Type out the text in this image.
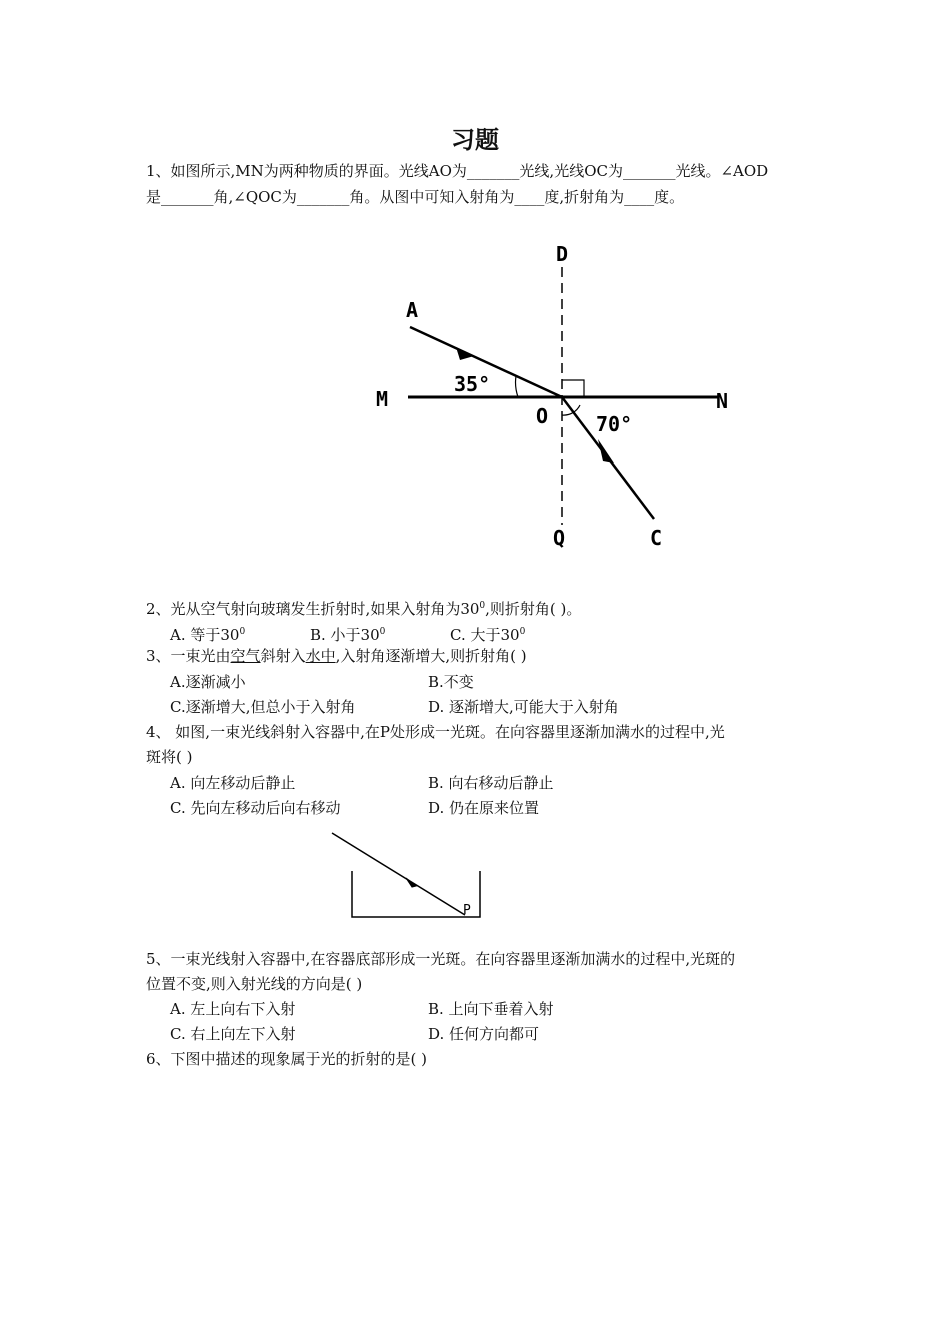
习题
1、如图所示,MN为两种物质的界面。光线AO为_______光线,光线OC为_______光线。∠AOD
是_______角,∠QOC为_______角。从图中可知入射角为____度,折射角为____度。
D
A
M	N
O
Q	C
35°
70°
2、光从空气射向玻璃发生折射时,如果入射角为$30^0$,则折射角( )。
A. 等于$30^0$	B. 小于$30^0$	C. 大于$30^0$
3、一束光由空气斜射入水中,入射角逐渐增大,则折射角( )
A.逐渐减小	B.不变
C.逐渐增大,但总小于入射角	D. 逐渐增大,可能大于入射角
4、 如图,一束光线斜射入容器中,在P处形成一光斑。在向容器里逐渐加满水的过程中,光
斑将( )
A. 向左移动后静止	B. 向右移动后静止
C. 先向左移动后向右移动	D. 仍在原来位置
P
5、一束光线射入容器中,在容器底部形成一光斑。在向容器里逐渐加满水的过程中,光斑的
位置不变,则入射光线的方向是( )
A. 左上向右下入射	B. 上向下垂着入射
C. 右上向左下入射	D. 任何方向都可
6、下图中描述的现象属于光的折射的是( )
